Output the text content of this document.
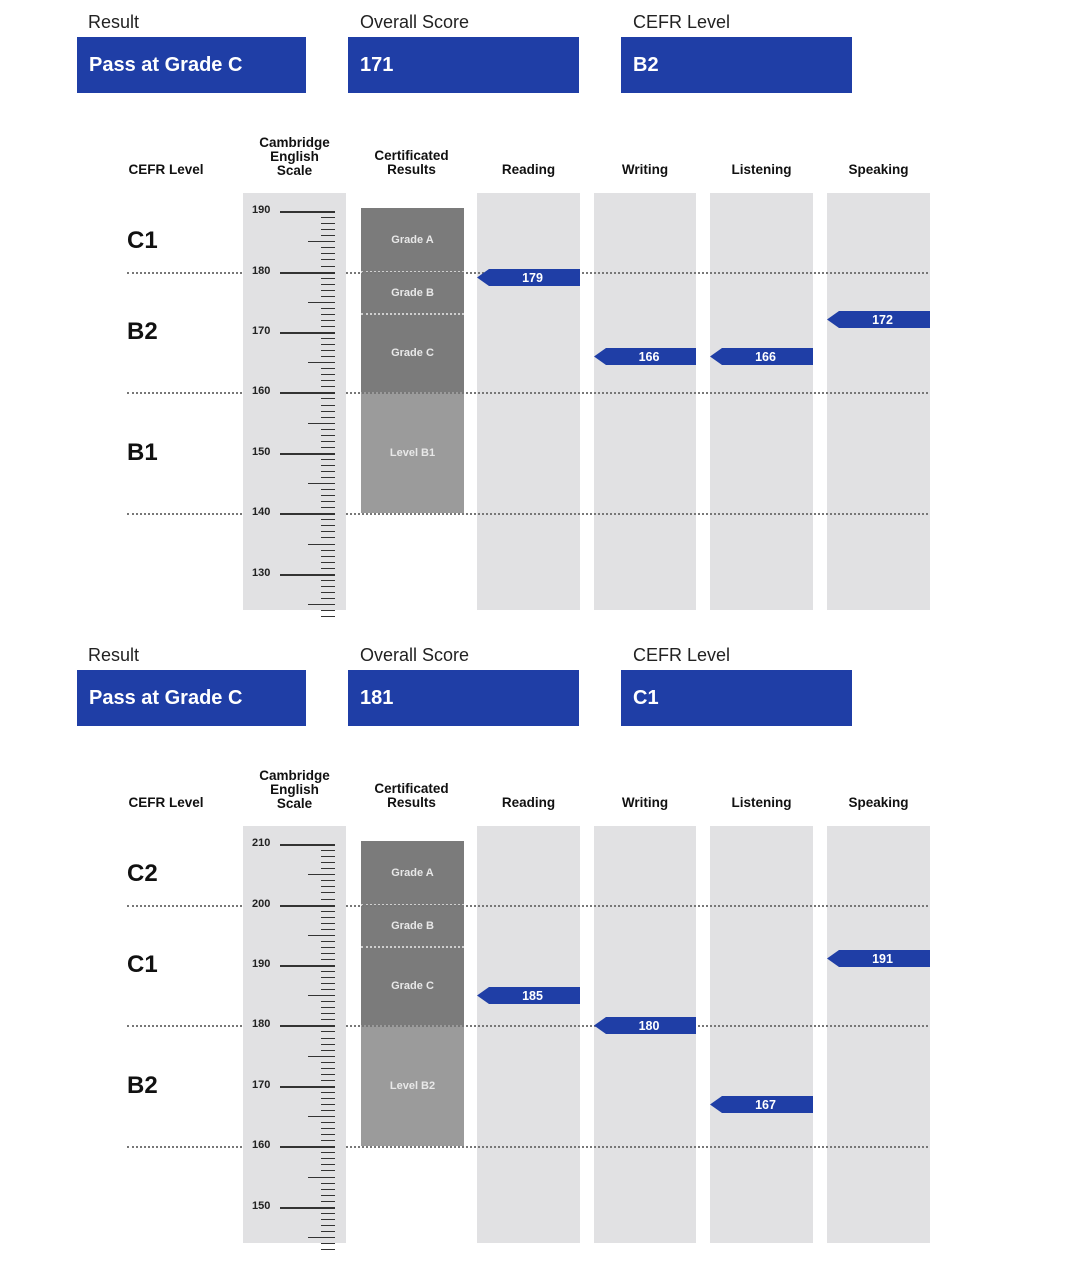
Result	Overall Score	CEFR Level
Pass at Grade C	171	B2
CEFR Level
Cambridge
English
Scale
Certificated
Results	Reading	Writing	Listening	Speaking
190
180
170
160
150
140
130
Grade A
Grade B
Grade C
Level B1
C1
B2
B1
179
166	166
172
Result	Overall Score	CEFR Level
Pass at Grade C	181	C1
CEFR Level
Cambridge
English
Scale
Certificated
Results	Reading	Writing	Listening	Speaking
210
200
190
180
170
160
150
Grade A
Grade B
Grade C
Level B2
C2
C1
B2
185
180
167
191
